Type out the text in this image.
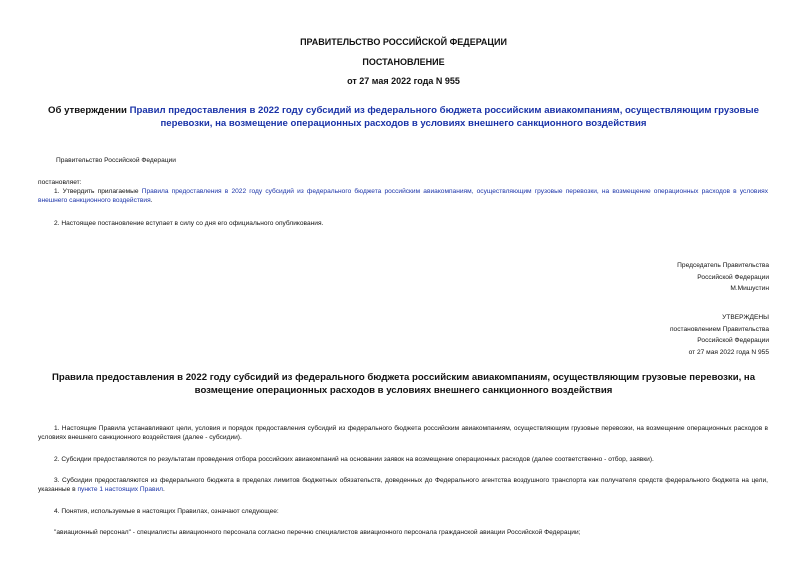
ПРАВИТЕЛЬСТВО РОССИЙСКОЙ ФЕДЕРАЦИИ
ПОСТАНОВЛЕНИЕ
от 27 мая 2022 года N 955
Об утверждении Правил предоставления в 2022 году субсидий из федерального бюджета российским авиакомпаниям, осуществляющим грузовые перевозки, на возмещение операционных расходов в условиях внешнего санкционного воздействия
Правительство Российской Федерации
постановляет:
1. Утвердить прилагаемые Правила предоставления в 2022 году субсидий из федерального бюджета российским авиакомпаниям, осуществляющим грузовые перевозки, на возмещение операционных расходов в условиях внешнего санкционного воздействия.
2. Настоящее постановление вступает в силу со дня его официального опубликования.
Председатель Правительства
Российской Федерации
М.Мишустин
УТВЕРЖДЕНЫ
постановлением Правительства
Российской Федерации
от 27 мая 2022 года N 955
Правила предоставления в 2022 году субсидий из федерального бюджета российским авиакомпаниям, осуществляющим грузовые перевозки, на возмещение операционных расходов в условиях внешнего санкционного воздействия
1. Настоящие Правила устанавливают цели, условия и порядок предоставления субсидий из федерального бюджета российским авиакомпаниям, осуществляющим грузовые перевозки, на возмещение операционных расходов в условиях внешнего санкционного воздействия (далее - субсидии).
2. Субсидии предоставляются по результатам проведения отбора российских авиакомпаний на основании заявок на возмещение операционных расходов (далее соответственно - отбор, заявки).
3. Субсидии предоставляются из федерального бюджета в пределах лимитов бюджетных обязательств, доведенных до Федерального агентства воздушного транспорта как получателя средств федерального бюджета на цели, указанные в пункте 1 настоящих Правил.
4. Понятия, используемые в настоящих Правилах, означают следующее:
"авиационный персонал" - специалисты авиационного персонала согласно перечню специалистов авиационного персонала гражданской авиации Российской Федерации;
